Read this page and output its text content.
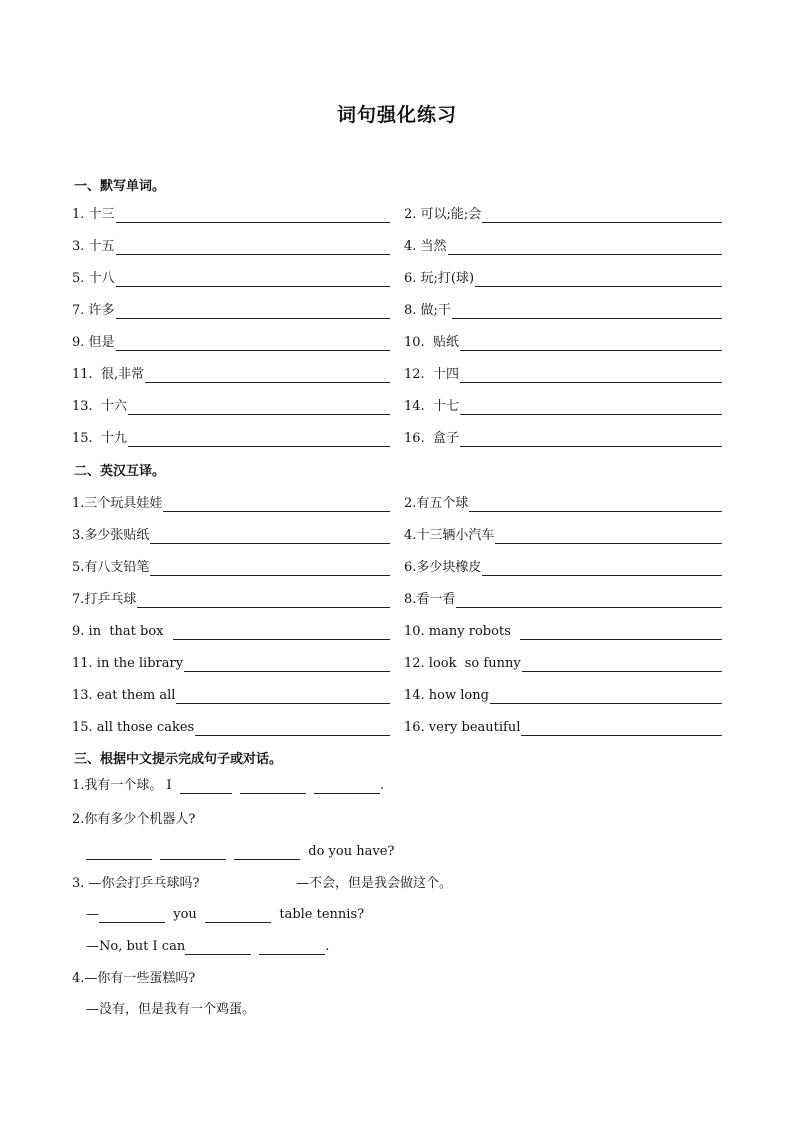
词句强化练习
一、默写单词。
1. 十三	2. 可以;能;会
3. 十五	4. 当然
5. 十八	6. 玩;打(球)
7. 许多	8. 做;干
9. 但是	10.  贴纸
11.  很,非常	12.  十四
13.  十六	14.  十七
15.  十九	16.  盒子
二、英汉互译。
1.三个玩具娃娃	2.有五个球
3.多少张贴纸	4.十三辆小汽车
5.有八支铅笔	6.多少块橡皮
7.打乒乓球	8.看一看
9. in  that box	10. many robots
11. in the library	12. look  so funny
13. eat them all	14. how long
15. all those cakes	16. very beautiful
三、根据中文提示完成句子或对话。
1.我有一个球。 I	.
2.你有多少个机器人?
do you have?
3. —你会打乒乓球吗?	—不会，但是我会做这个。
—	you	table tennis?
—No, but I can	.
4.—你有一些蛋糕吗?
—没有，但是我有一个鸡蛋。
